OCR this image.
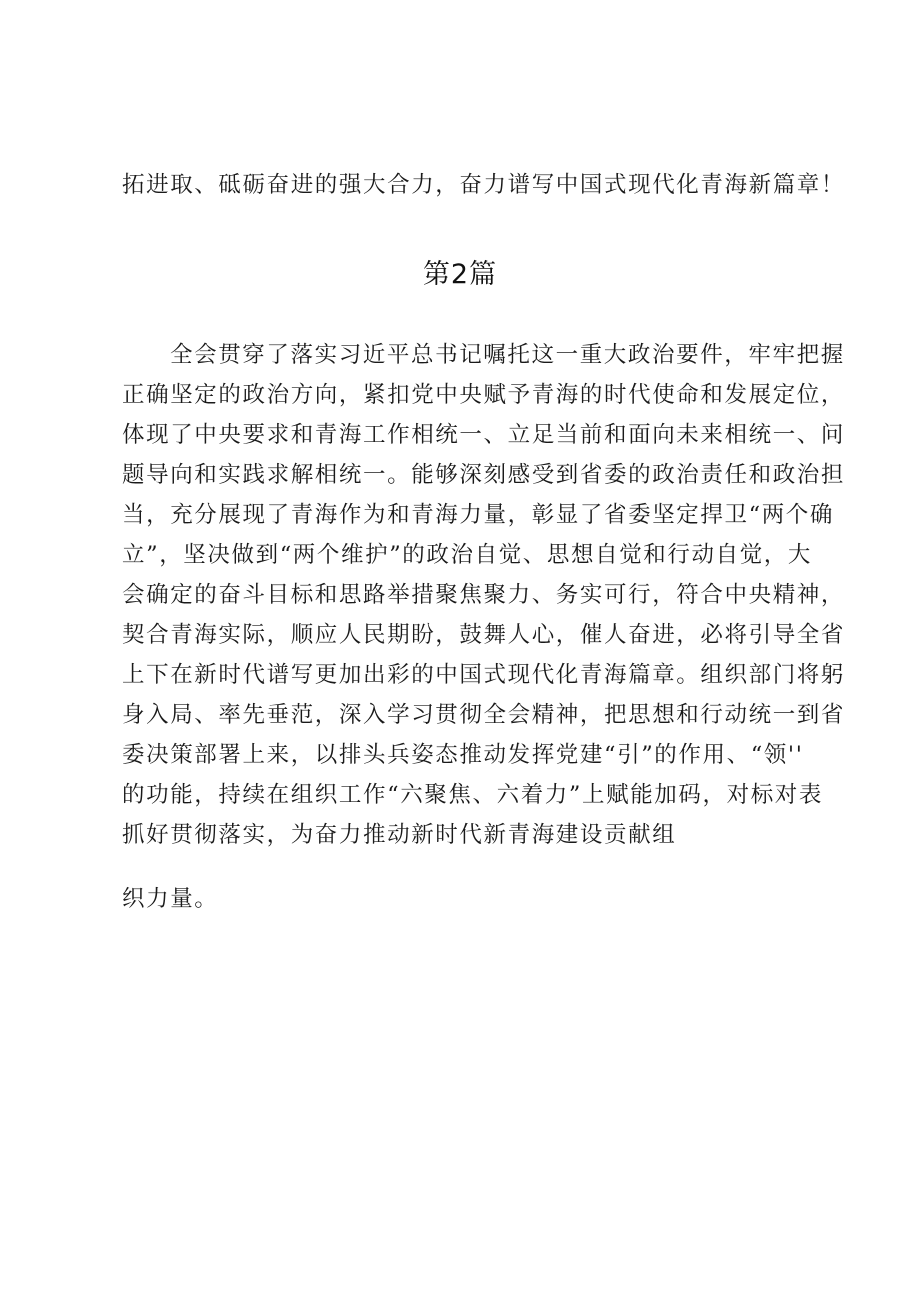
拓进取、砥砺奋进的强大合力，奋力谱写中国式现代化青海新篇章！
第2篇
全会贯穿了落实习近平总书记嘱托这一重大政治要件，牢牢把握
正确坚定的政治方向，紧扣党中央赋予青海的时代使命和发展定位，
体现了中央要求和青海工作相统一、立足当前和面向未来相统一、问
题导向和实践求解相统一。能够深刻感受到省委的政治责任和政治担
当，充分展现了青海作为和青海力量，彰显了省委坚定捍卫“两个确
立”，坚决做到“两个维护”的政治自觉、思想自觉和行动自觉，大
会确定的奋斗目标和思路举措聚焦聚力、务实可行，符合中央精神，
契合青海实际，顺应人民期盼，鼓舞人心，催人奋进，必将引导全省
上下在新时代谱写更加出彩的中国式现代化青海篇章。组织部门将躬
身入局、率先垂范，深入学习贯彻全会精神，把思想和行动统一到省
委决策部署上来，以排头兵姿态推动发挥党建“引”的作用、“领''
的功能，持续在组织工作“六聚焦、六着力”上赋能加码，对标对表
抓好贯彻落实，为奋力推动新时代新青海建设贡献组
织力量。
